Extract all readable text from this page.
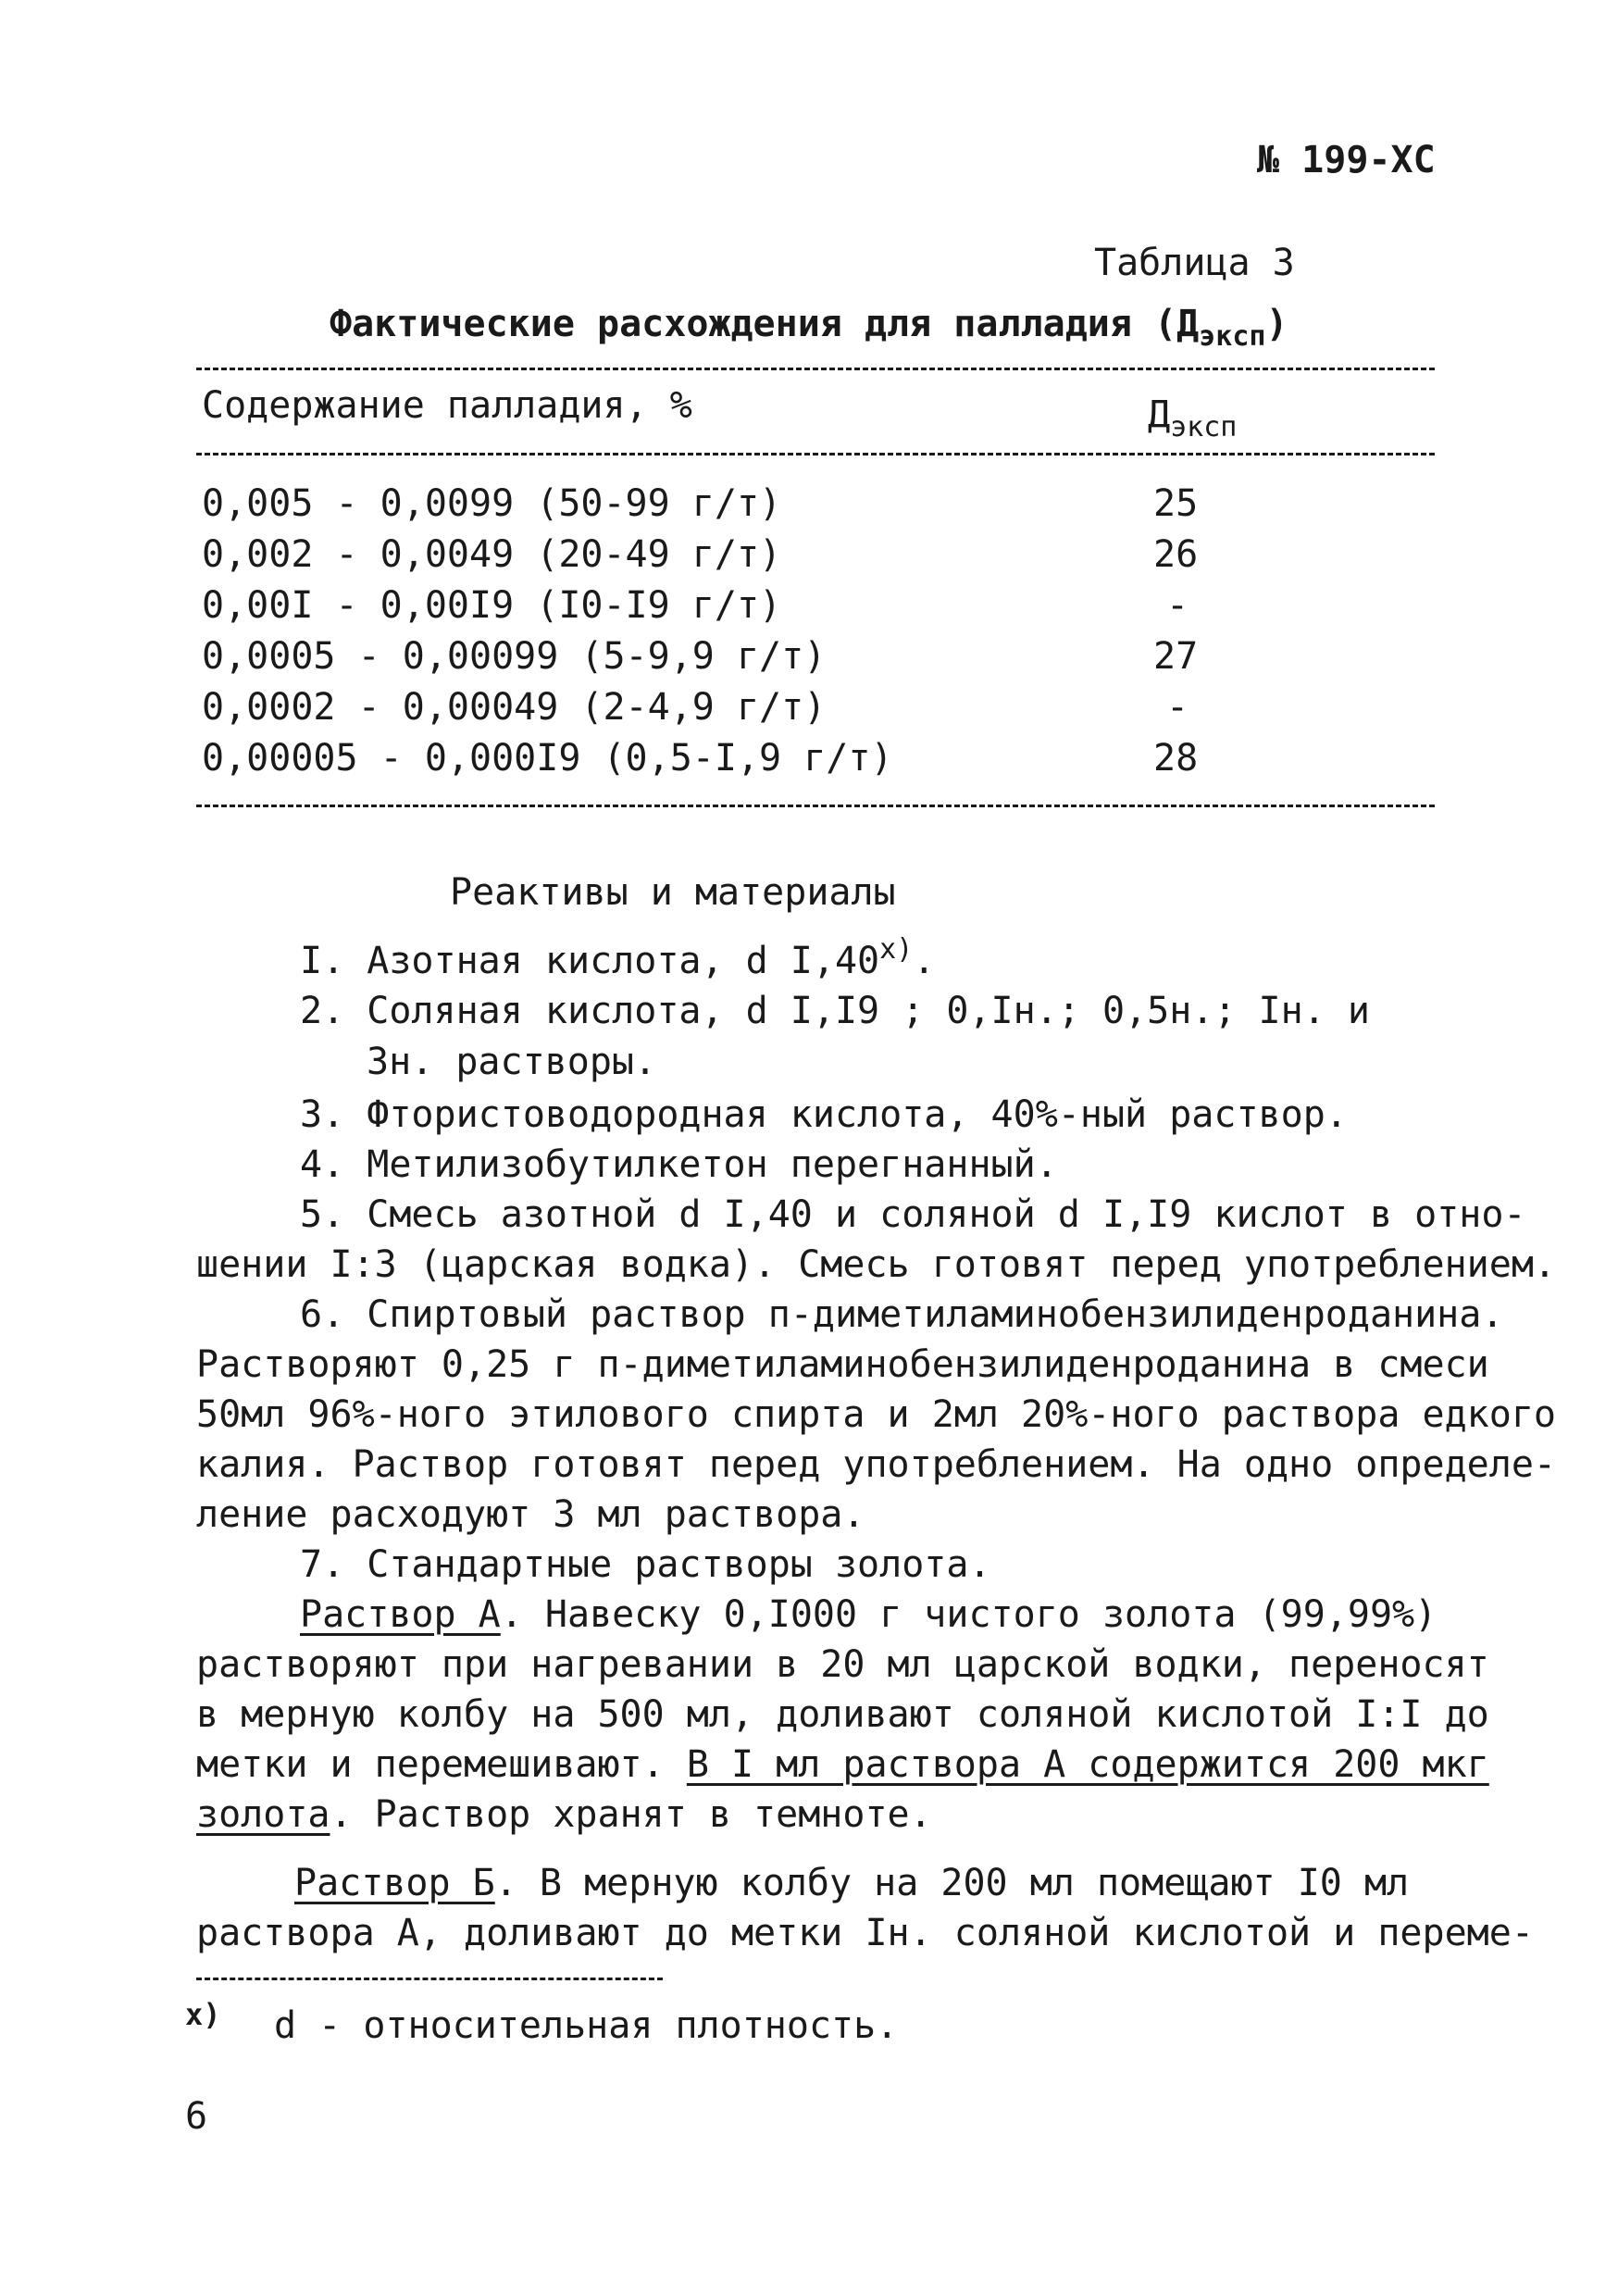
№ 199-ХС
Таблица 3
Фактические расхождения для палладия $(Д_{эксп})$
Содержание палладия, %	$Д_{эксп}$
0,005 - 0,0099 (50-99 г/т)	25
0,002 - 0,0049 (20-49 г/т)	26
0,00I - 0,00I9 (I0-I9 г/т)	-
0,0005 - 0,00099 (5-9,9 г/т)	27
0,0002 - 0,00049 (2-4,9 г/т)	-
0,00005 - 0,000I9 (0,5-I,9 г/т)	28
Реактивы и материалы
I. Азотная кислота, d I,40$^{x)}$.
2. Соляная кислота, d I,I9 ; 0,Iн.; 0,5н.; Iн. и
3н. растворы.
3. Фтористоводородная кислота, 40%-ный раствор.
4. Метилизобутилкетон перегнанный.
5. Смесь азотной d I,40 и соляной d I,I9 кислот в отно-
шении I:3 (царская водка). Смесь готовят перед употреблением.
6. Спиртовый раствор п-диметиламинобензилиденроданина.
Растворяют 0,25 г п-диметиламинобензилиденроданина в смеси
50мл 96%-ного этилового спирта и 2мл 20%-ного раствора едкого
калия. Раствор готовят перед употреблением. На одно определе-
ление расходуют 3 мл раствора.
7. Стандартные растворы золота.
Раствор А. Навеску 0,I000 г чистого золота (99,99%)
растворяют при нагревании в 20 мл царской водки, переносят
в мерную колбу на 500 мл, доливают соляной кислотой I:I до
метки и перемешивают. В I мл раствора А содержится 200 мкг
золота. Раствор хранят в темноте.
Раствор Б. В мерную колбу на 200 мл помещают I0 мл
раствора А, доливают до метки Iн. соляной кислотой и переме-
x) d - относительная плотность.
6
